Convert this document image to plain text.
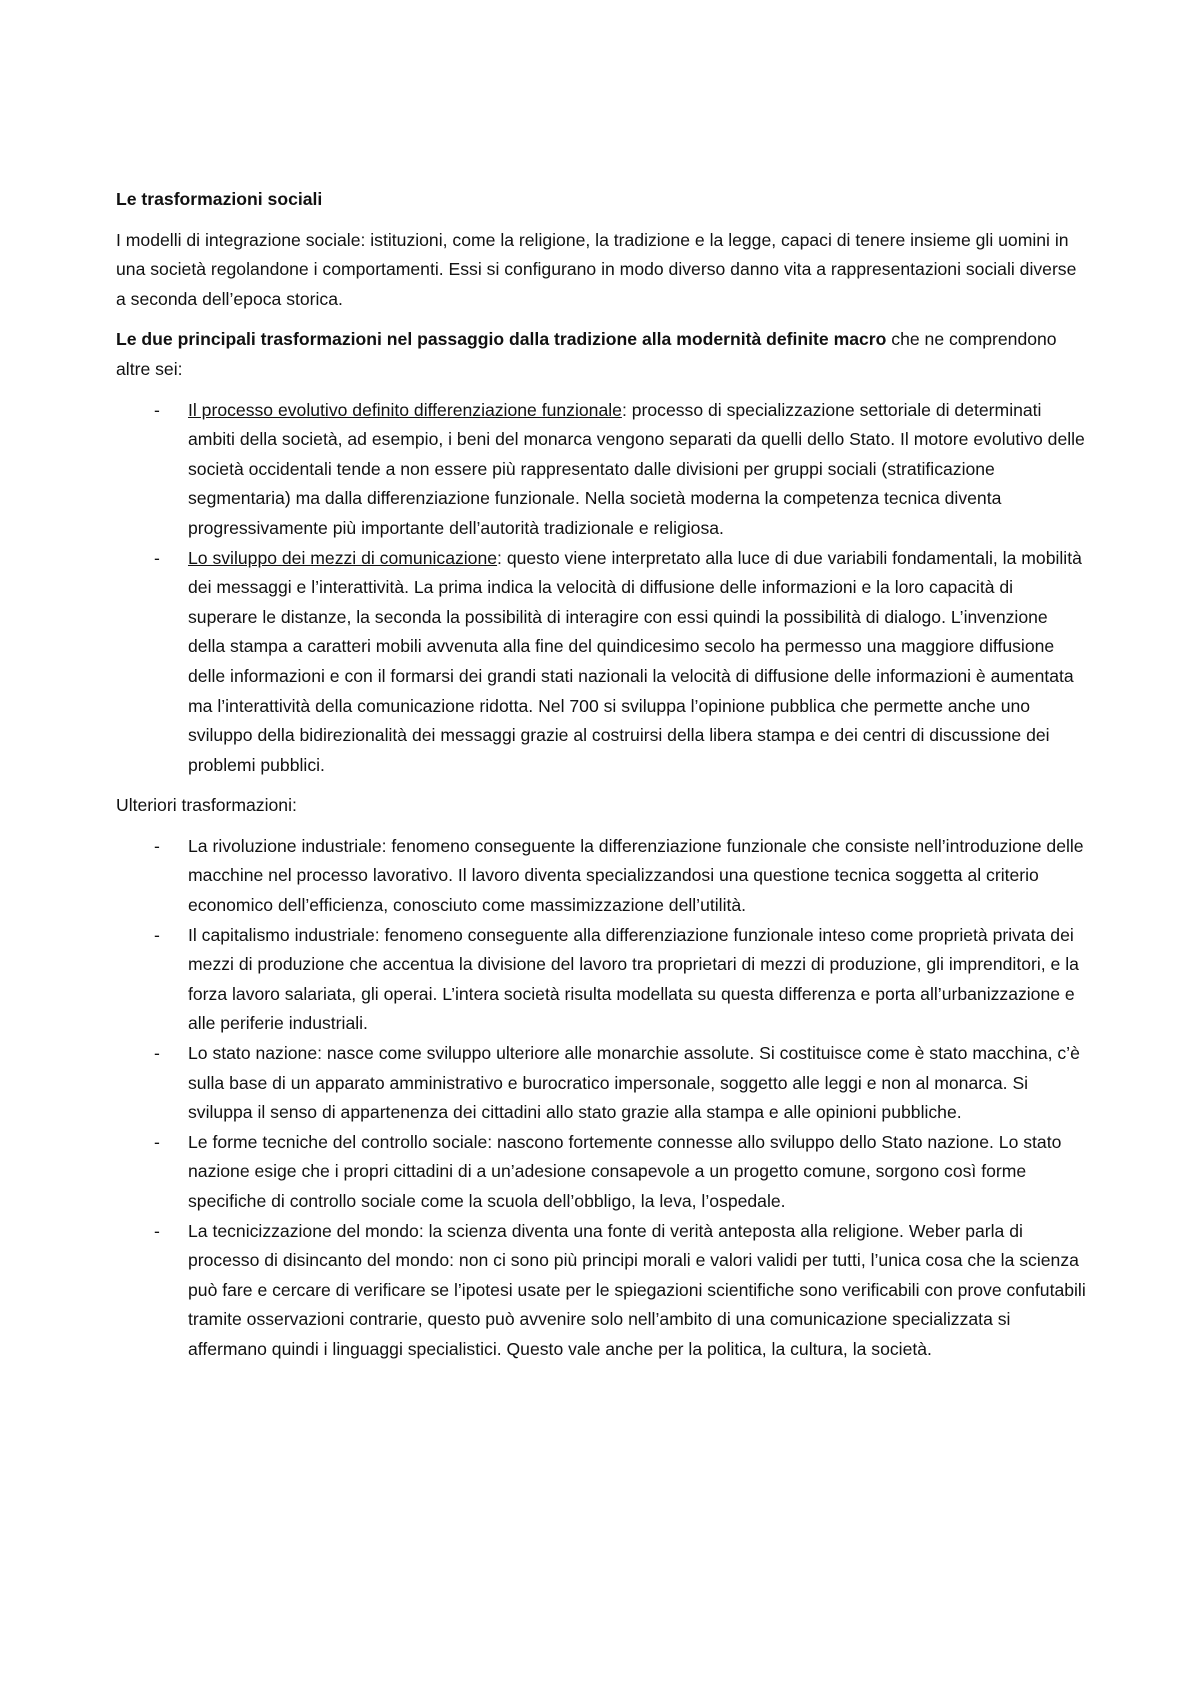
Le trasformazioni sociali

I modelli di integrazione sociale: istituzioni, come la religione, la tradizione e la legge, capaci di tenere insieme gli uomini in una società regolandone i comportamenti. Essi si configurano in modo diverso danno vita a rappresentazioni sociali diverse a seconda dell’epoca storica.

Le due principali trasformazioni nel passaggio dalla tradizione alla modernità definite macro che ne comprendono altre sei:

- Il processo evolutivo definito differenziazione funzionale: processo di specializzazione settoriale di determinati ambiti della società, ad esempio, i beni del monarca vengono separati da quelli dello Stato. Il motore evolutivo delle società occidentali tende a non essere più rappresentato dalle divisioni per gruppi sociali (stratificazione segmentaria) ma dalla differenziazione funzionale. Nella società moderna la competenza tecnica diventa progressivamente più importante dell’autorità tradizionale e religiosa.
- Lo sviluppo dei mezzi di comunicazione: questo viene interpretato alla luce di due variabili fondamentali, la mobilità dei messaggi e l’interattività. La prima indica la velocità di diffusione delle informazioni e la loro capacità di superare le distanze, la seconda la possibilità di interagire con essi quindi la possibilità di dialogo. L’invenzione della stampa a caratteri mobili avvenuta alla fine del quindicesimo secolo ha permesso una maggiore diffusione delle informazioni e con il formarsi dei grandi stati nazionali la velocità di diffusione delle informazioni è aumentata ma l’interattività della comunicazione ridotta. Nel 700 si sviluppa l’opinione pubblica che permette anche uno sviluppo della bidirezionalità dei messaggi grazie al costruirsi della libera stampa e dei centri di discussione dei problemi pubblici.

Ulteriori trasformazioni:

- La rivoluzione industriale: fenomeno conseguente la differenziazione funzionale che consiste nell’introduzione delle macchine nel processo lavorativo. Il lavoro diventa specializzandosi una questione tecnica soggetta al criterio economico dell’efficienza, conosciuto come massimizzazione dell’utilità.
- Il capitalismo industriale: fenomeno conseguente alla differenziazione funzionale inteso come proprietà privata dei mezzi di produzione che accentua la divisione del lavoro tra proprietari di mezzi di produzione, gli imprenditori, e la forza lavoro salariata, gli operai. L’intera società risulta modellata su questa differenza e porta all’urbanizzazione e alle periferie industriali.
- Lo stato nazione: nasce come sviluppo ulteriore alle monarchie assolute. Si costituisce come è stato macchina, c’è sulla base di un apparato amministrativo e burocratico impersonale, soggetto alle leggi e non al monarca. Si sviluppa il senso di appartenenza dei cittadini allo stato grazie alla stampa e alle opinioni pubbliche.
- Le forme tecniche del controllo sociale: nascono fortemente connesse allo sviluppo dello Stato nazione. Lo stato nazione esige che i propri cittadini di a un’adesione consapevole a un progetto comune, sorgono così forme specifiche di controllo sociale come la scuola dell’obbligo, la leva, l’ospedale.
- La tecnicizzazione del mondo: la scienza diventa una fonte di verità anteposta alla religione. Weber parla di processo di disincanto del mondo: non ci sono più principi morali e valori validi per tutti, l’unica cosa che la scienza può fare e cercare di verificare se l’ipotesi usate per le spiegazioni scientifiche sono verificabili con prove confutabili tramite osservazioni contrarie, questo può avvenire solo nell’ambito di una comunicazione specializzata si affermano quindi i linguaggi specialistici. Questo vale anche per la politica, la cultura, la società.
